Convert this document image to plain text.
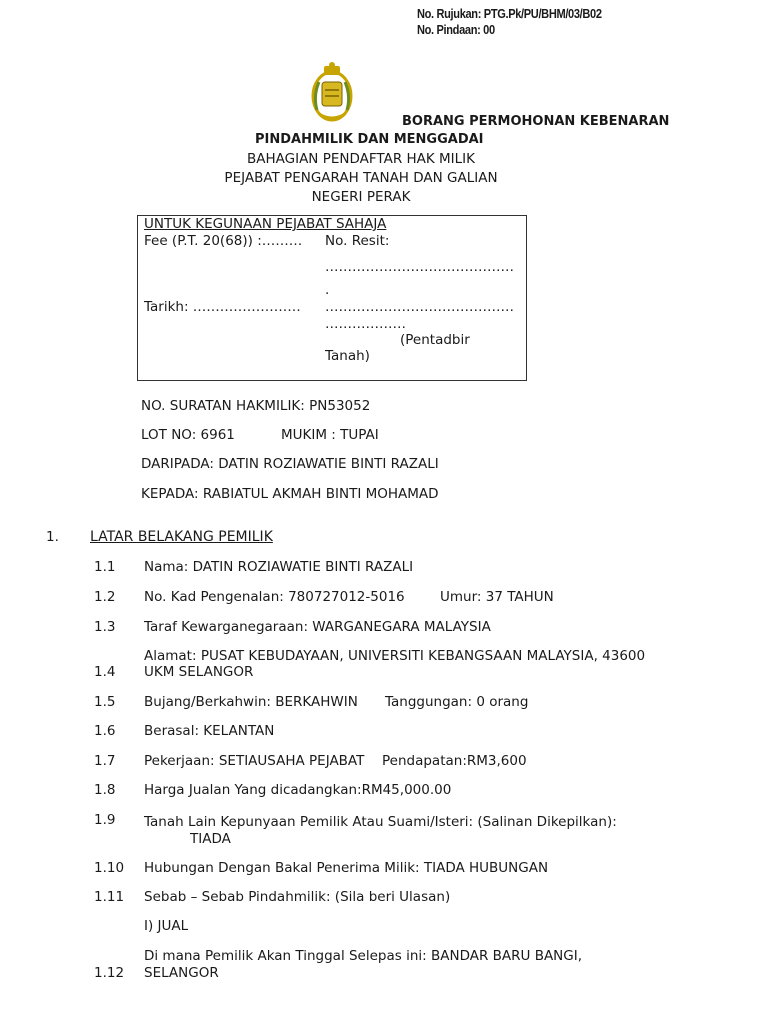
No. Rujukan: PTG.Pk/PU/BHM/03/B02
No. Pindaan: 00
BORANG PERMOHONAN KEBENARAN
PINDAHMILIK DAN MENGGADAI
BAHAGIAN PENDAFTAR HAK MILIK
PEJABAT PENGARAH TANAH DAN GALIAN
NEGERI PERAK
UNTUK KEGUNAAN PEJABAT SAHAJA
Fee (P.T. 20(68)) :……… No. Resit:
……………………………………
.
Tarikh: …………………… ……………………………………
………………
(Pentadbir
Tanah)
NO. SURATAN HAKMILIK: PN53052
LOT NO: 6961	MUKIM : TUPAI
DARIPADA: DATIN ROZIAWATIE BINTI RAZALI
KEPADA: RABIATUL AKMAH BINTI MOHAMAD
1. LATAR BELAKANG PEMILIK
1.1 Nama: DATIN ROZIAWATIE BINTI RAZALI
1.2 No. Kad Pengenalan: 780727012-5016	Umur: 37 TAHUN
1.3 Taraf Kewarganegaraan: WARGANEGARA MALAYSIA
Alamat: PUSAT KEBUDAYAAN, UNIVERSITI KEBANGSAAN MALAYSIA, 43600
1.4 UKM SELANGOR
1.5 Bujang/Berkahwin: BERKAHWIN Tanggungan: 0 orang
1.6 Berasal: KELANTAN
1.7 Pekerjaan: SETIAUSAHA PEJABAT Pendapatan:RM3,600
1.8 Harga Jualan Yang dicadangkan:RM45,000.00
1.9 Tanah Lain Kepunyaan Pemilik Atau Suami/Isteri: (Salinan Dikepilkan):
TIADA
1.10 Hubungan Dengan Bakal Penerima Milik: TIADA HUBUNGAN
1.11 Sebab – Sebab Pindahmilik: (Sila beri Ulasan)
I) JUAL
Di mana Pemilik Akan Tinggal Selepas ini: BANDAR BARU BANGI,
1.12 SELANGOR
